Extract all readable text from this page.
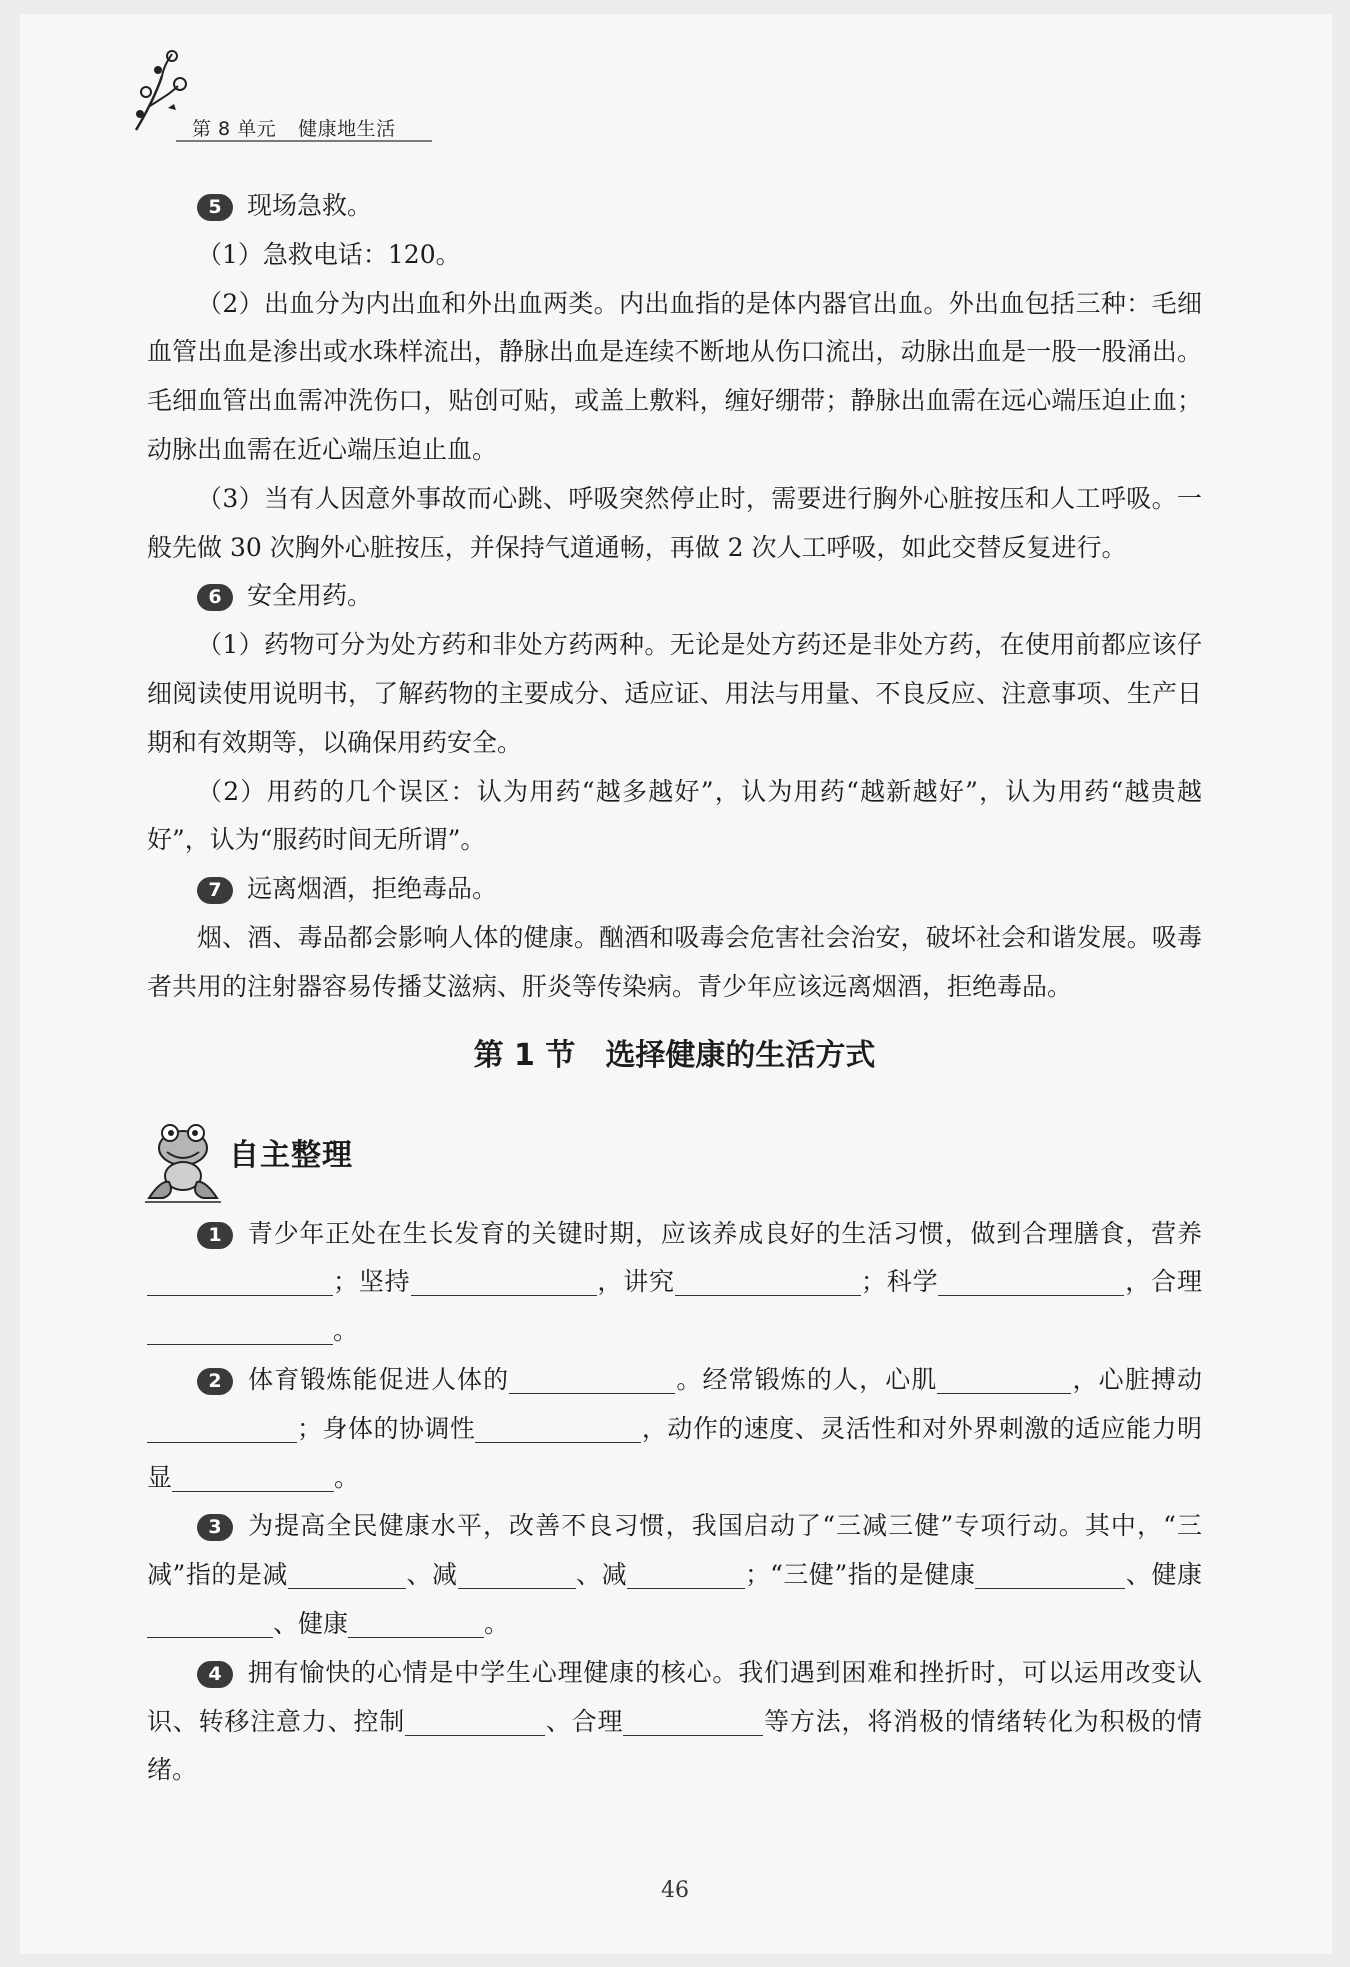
第 8 单元 健康地生活

5 现场急救。

（1）急救电话：120。

（2）出血分为内出血和外出血两类。内出血指的是体内器官出血。外出血包括三种：毛细血管出血是渗出或水珠样流出，静脉出血是连续不断地从伤口流出，动脉出血是一股一股涌出。毛细血管出血需冲洗伤口，贴创可贴，或盖上敷料，缠好绷带；静脉出血需在远心端压迫止血；动脉出血需在近心端压迫止血。

（3）当有人因意外事故而心跳、呼吸突然停止时，需要进行胸外心脏按压和人工呼吸。一般先做 30 次胸外心脏按压，并保持气道通畅，再做 2 次人工呼吸，如此交替反复进行。

6 安全用药。

（1）药物可分为处方药和非处方药两种。无论是处方药还是非处方药，在使用前都应该仔细阅读使用说明书，了解药物的主要成分、适应证、用法与用量、不良反应、注意事项、生产日期和有效期等，以确保用药安全。

（2）用药的几个误区：认为用药“越多越好”，认为用药“越新越好”，认为用药“越贵越好”，认为“服药时间无所谓”。

7 远离烟酒，拒绝毒品。

烟、酒、毒品都会影响人体的健康。酗酒和吸毒会危害社会治安，破坏社会和谐发展。吸毒者共用的注射器容易传播艾滋病、肝炎等传染病。青少年应该远离烟酒，拒绝毒品。

第 1 节 选择健康的生活方式

自主整理

1 青少年正处在生长发育的关键时期，应该养成良好的生活习惯，做到合理膳食，营养；坚持	，讲究	；科学	，合理。

2 体育锻炼能促进人体的	。经常锻炼的人，心肌	，心脏搏动；身体的协调性	，动作的速度、灵活性和对外界刺激的适应能力明显	。

3 为提高全民健康水平，改善不良习惯，我国启动了“三减三健”专项行动。其中，“三减”指的是减	、减	、减	；“三健”指的是健康	、健康、健康	。

4 拥有愉快的心情是中学生心理健康的核心。我们遇到困难和挫折时，可以运用改变认识、转移注意力、控制	、合理	等方法，将消极的情绪转化为积极的情绪。

46
